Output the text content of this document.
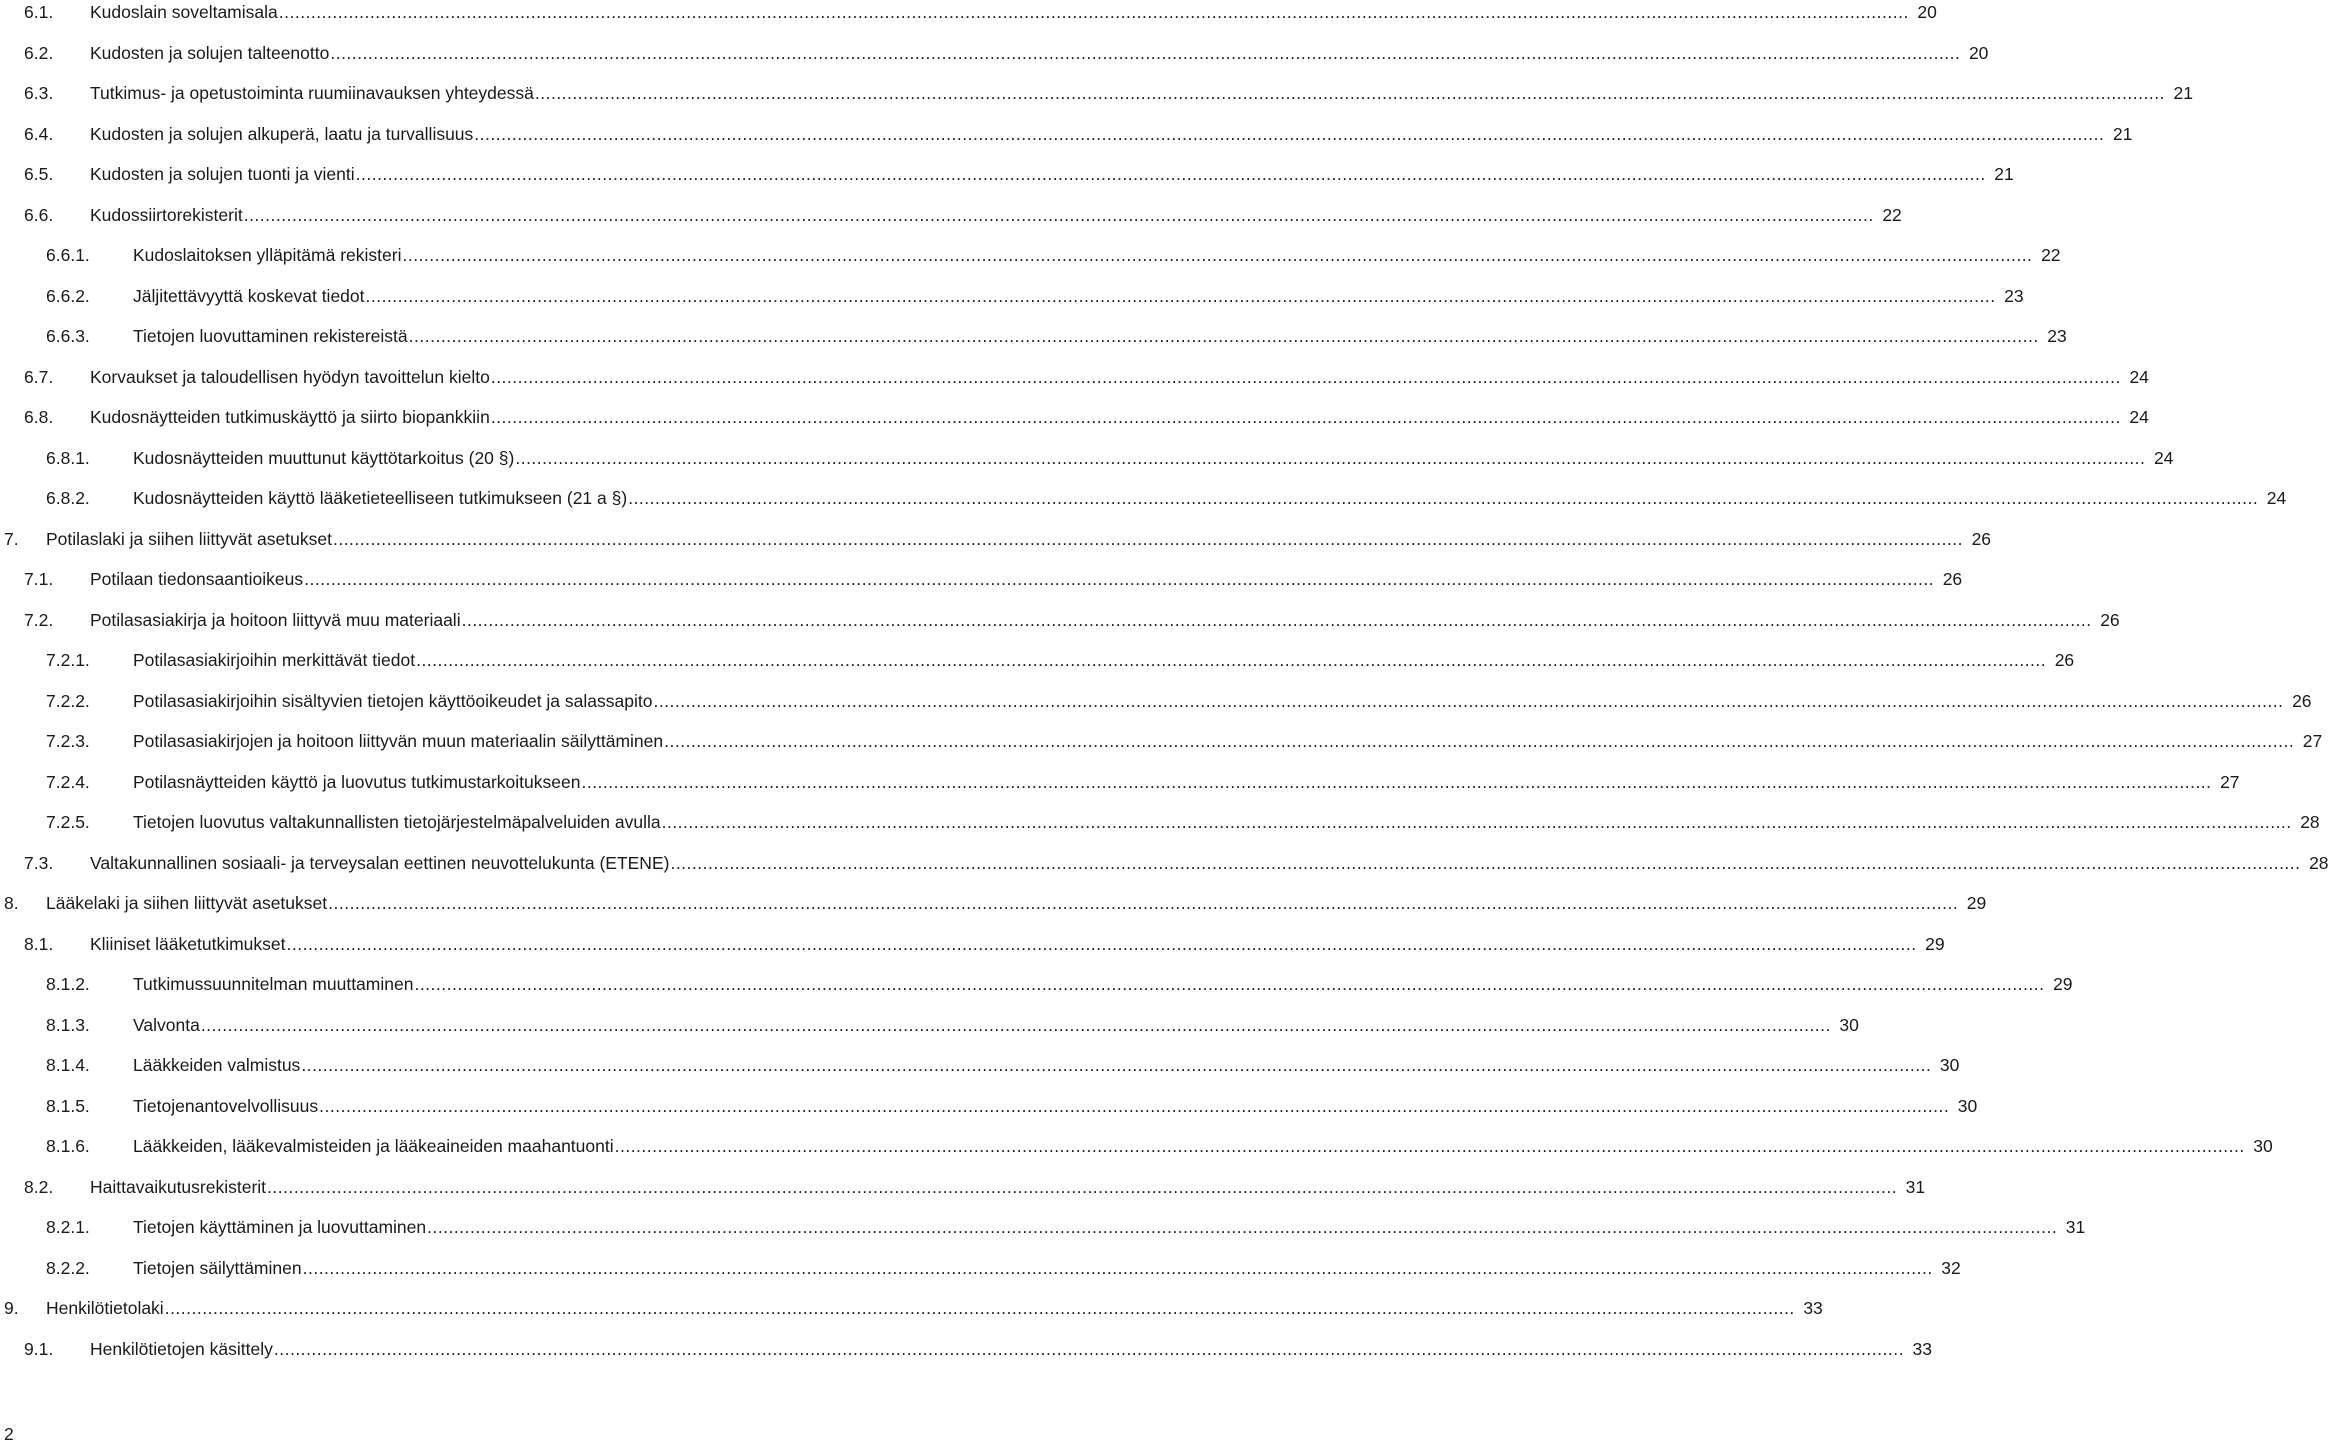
6.1.	Kudoslain soveltamisala .....	20
6.2.	Kudosten ja solujen talteenotto .....	20
6.3.	Tutkimus- ja opetustoiminta ruumiinavauksen yhteydessä .....	21
6.4.	Kudosten ja solujen alkuperä, laatu ja turvallisuus .....	21
6.5.	Kudosten ja solujen tuonti ja vienti .....	21
6.6.	Kudossiirtorekisterit .....	22
6.6.1.	Kudoslaitoksen ylläpitämä rekisteri .....	22
6.6.2.	Jäljitettävyyttä koskevat tiedot .....	23
6.6.3.	Tietojen luovuttaminen rekistereistä .....	23
6.7.	Korvaukset ja taloudellisen hyödyn tavoittelun kielto .....	24
6.8.	Kudosnäytteiden tutkimuskäyttö ja siirto biopankkiin .....	24
6.8.1.	Kudosnäytteiden muuttunut käyttötarkoitus (20 §) .....	24
6.8.2.	Kudosnäytteiden käyttö lääketieteelliseen tutkimukseen (21 a §) .....	24
7.	Potilaslaki ja siihen liittyvät asetukset .....	26
7.1.	Potilaan tiedonsaantioikeus .....	26
7.2.	Potilasasiakirja ja hoitoon liittyvä muu materiaali .....	26
7.2.1.	Potilasasiakirjoihin merkittävät tiedot .....	26
7.2.2.	Potilasasiakirjoihin sisältyvien tietojen käyttöoikeudet ja salassapito .....	26
7.2.3.	Potilasasiakirjojen ja hoitoon liittyvän muun materiaalin säilyttäminen .....	27
7.2.4.	Potilasnäytteiden käyttö ja luovutus tutkimustarkoitukseen .....	27
7.2.5.	Tietojen luovutus valtakunnallisten tietojärjestelmäpalveluiden avulla .....	28
7.3.	Valtakunnallinen sosiaali- ja terveysalan eettinen neuvottelukunta (ETENE) .....	28
8.	Lääkelaki ja siihen liittyvät asetukset .....	29
8.1.	Kliiniset lääketutkimukset .....	29
8.1.2.	Tutkimussuunnitelman muuttaminen .....	29
8.1.3.	Valvonta .....	30
8.1.4.	Lääkkeiden valmistus .....	30
8.1.5.	Tietojenantovelvollisuus .....	30
8.1.6.	Lääkkeiden, lääkevalmisteiden ja lääkeaineiden maahantuonti .....	30
8.2.	Haittavaikutusrekisterit .....	31
8.2.1.	Tietojen käyttäminen ja luovuttaminen .....	31
8.2.2.	Tietojen säilyttäminen .....	32
9.	Henkilötietolaki .....	33
9.1.	Henkilötietojen käsittely .....	33
2
